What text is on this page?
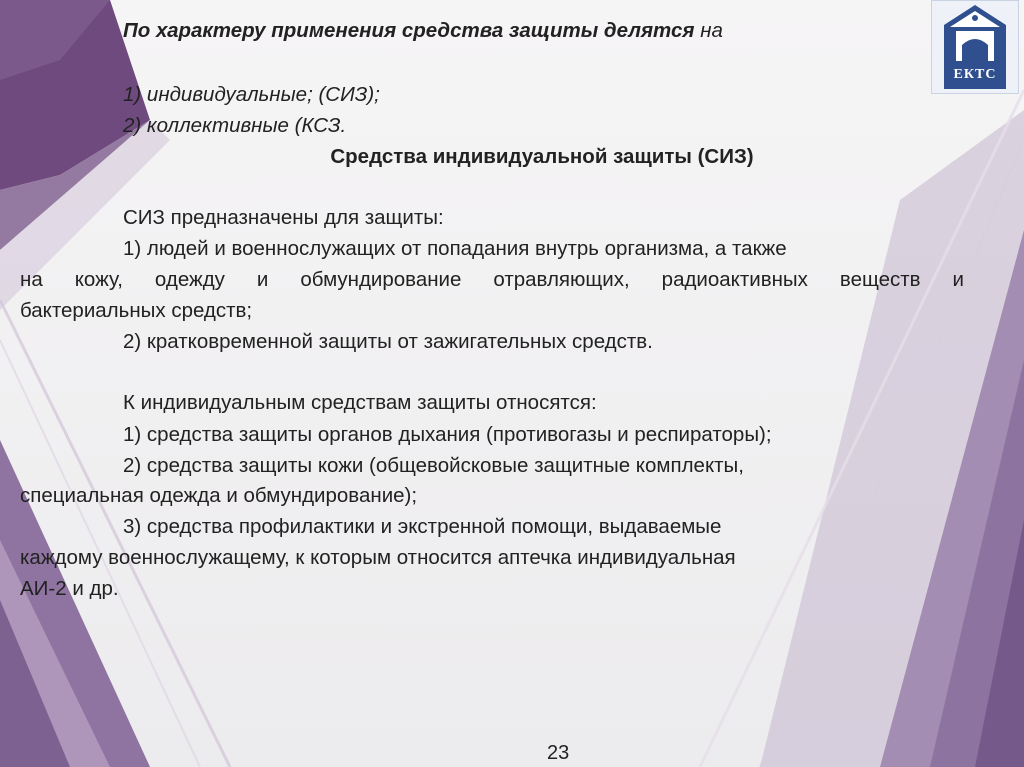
ЕКТС
По характеру применения средства защиты делятся на
1) индивидуальные; (СИЗ);
2) коллективные (КСЗ.
Средства индивидуальной защиты (СИЗ)
СИЗ предназначены для защиты:
1) людей и военнослужащих от попадания внутрь организма, а также
на кожу, одежду и обмундирование отравляющих, радиоактивных веществ и
бактериальных средств;
2) кратковременной защиты от зажигательных средств.
К индивидуальным средствам защиты относятся:
1) средства защиты органов дыхания (противогазы и респираторы);
2) средства защиты кожи (общевойсковые защитные комплекты,
специальная одежда и обмундирование);
3) средства профилактики и экстренной помощи, выдаваемые
каждому военнослужащему, к которым относится аптечка индивидуальная
АИ-2 и др.
23
